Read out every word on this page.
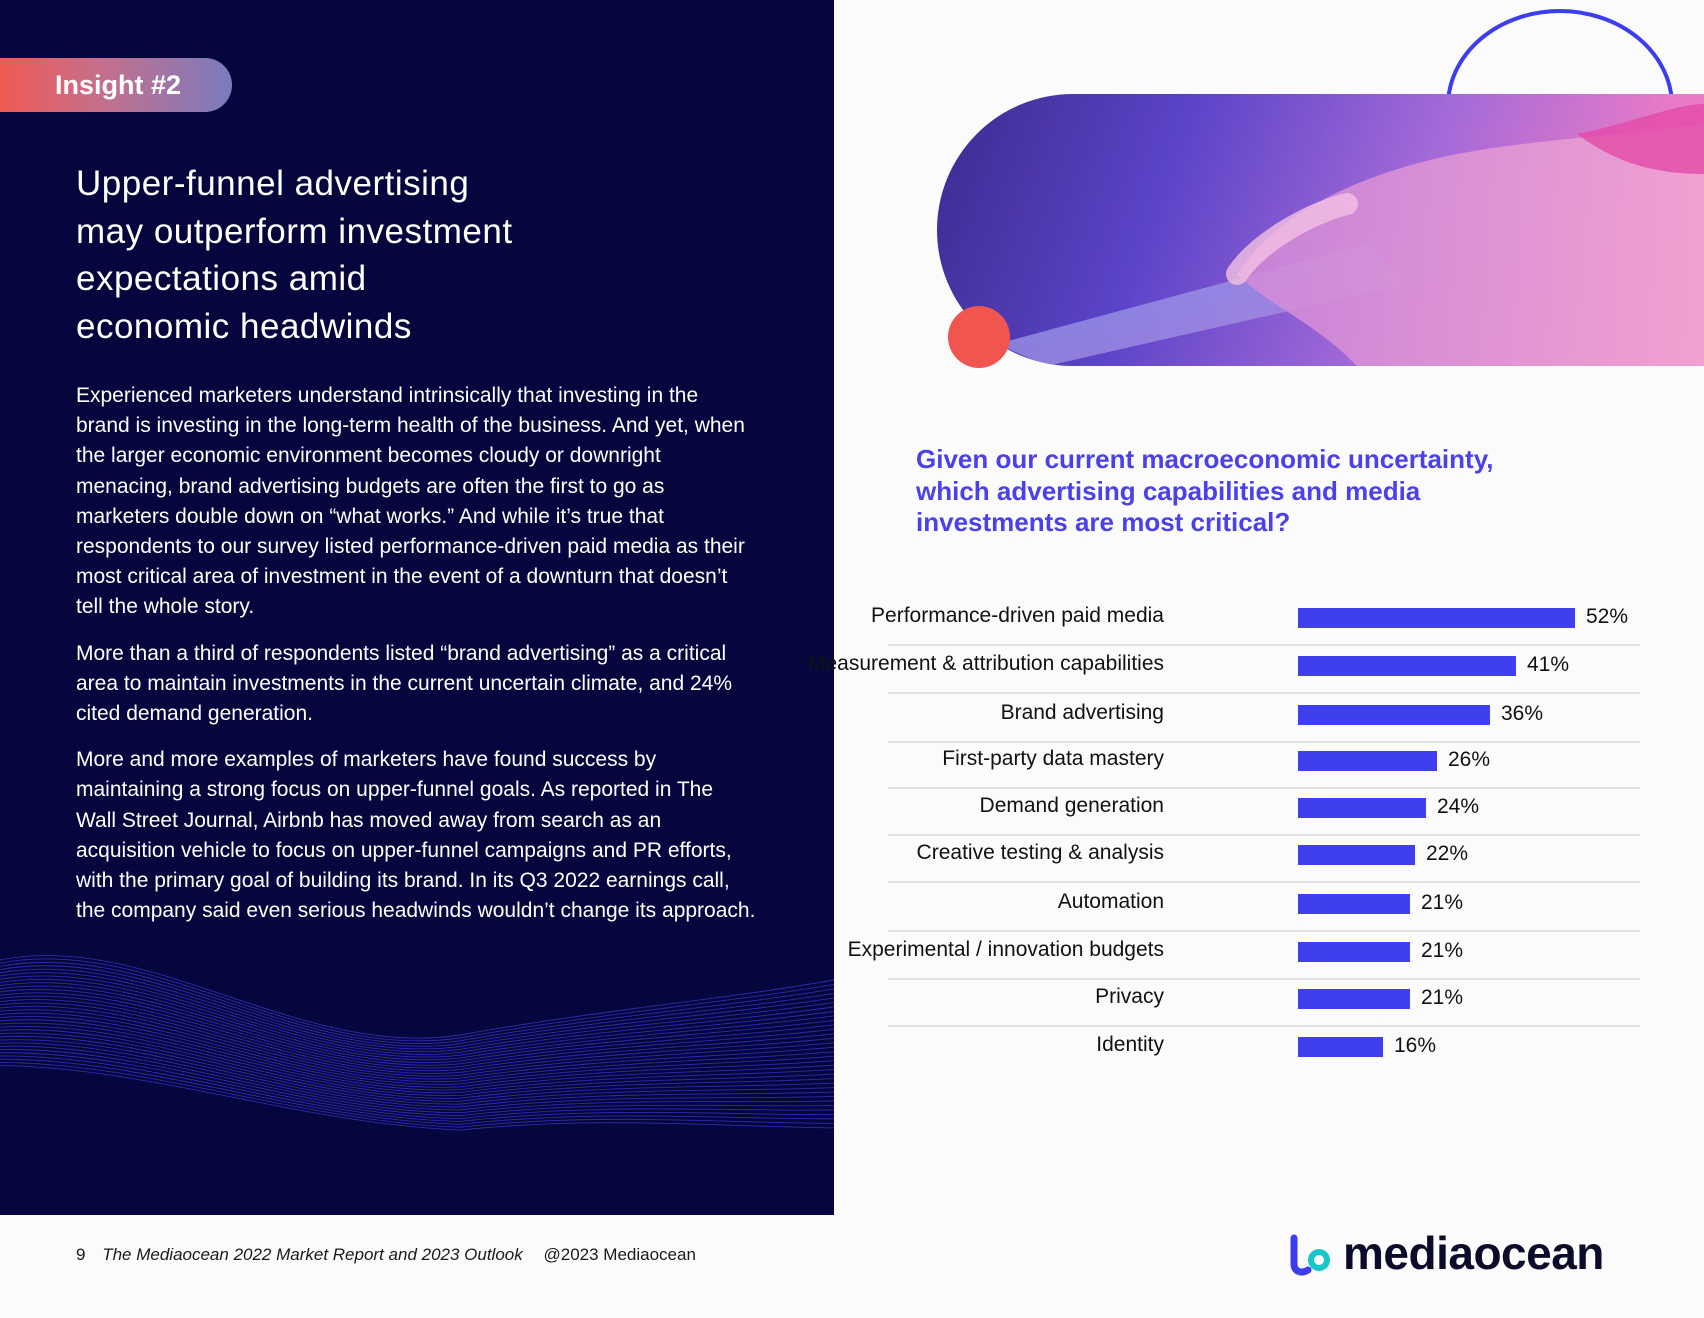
Insight #2
Upper-funnel advertising
may outperform investment
expectations amid
economic headwinds

Experienced marketers understand intrinsically that investing in the brand is investing in the long-term health of the business. And yet, when the larger economic environment becomes cloudy or downright menacing, brand advertising budgets are often the first to go as marketers double down on “what works.” And while it’s true that respondents to our survey listed performance-driven paid media as their most critical area of investment in the event of a downturn that doesn’t tell the whole story.

More than a third of respondents listed “brand advertising” as a critical area to maintain investments in the current uncertain climate, and 24% cited demand generation.

More and more examples of marketers have found success by maintaining a strong focus on upper-funnel goals. As reported in The Wall Street Journal, Airbnb has moved away from search as an acquisition vehicle to focus on upper-funnel campaigns and PR efforts, with the primary goal of building its brand. In its Q3 2022 earnings call, the company said even serious headwinds wouldn’t change its approach.

Given our current macroeconomic uncertainty, which advertising capabilities and media investments are most critical?
Performance-driven paid media	52%
Measurement & attribution capabilities	41%
Brand advertising	36%
First-party data mastery	26%
Demand generation	24%
Creative testing & analysis	22%
Automation	21%
Experimental / innovation budgets	21%
Privacy	21%
Identity	16%
9 The Mediaocean 2022 Market Report and 2023 Outlook @2023 Mediaocean	mediaocean
